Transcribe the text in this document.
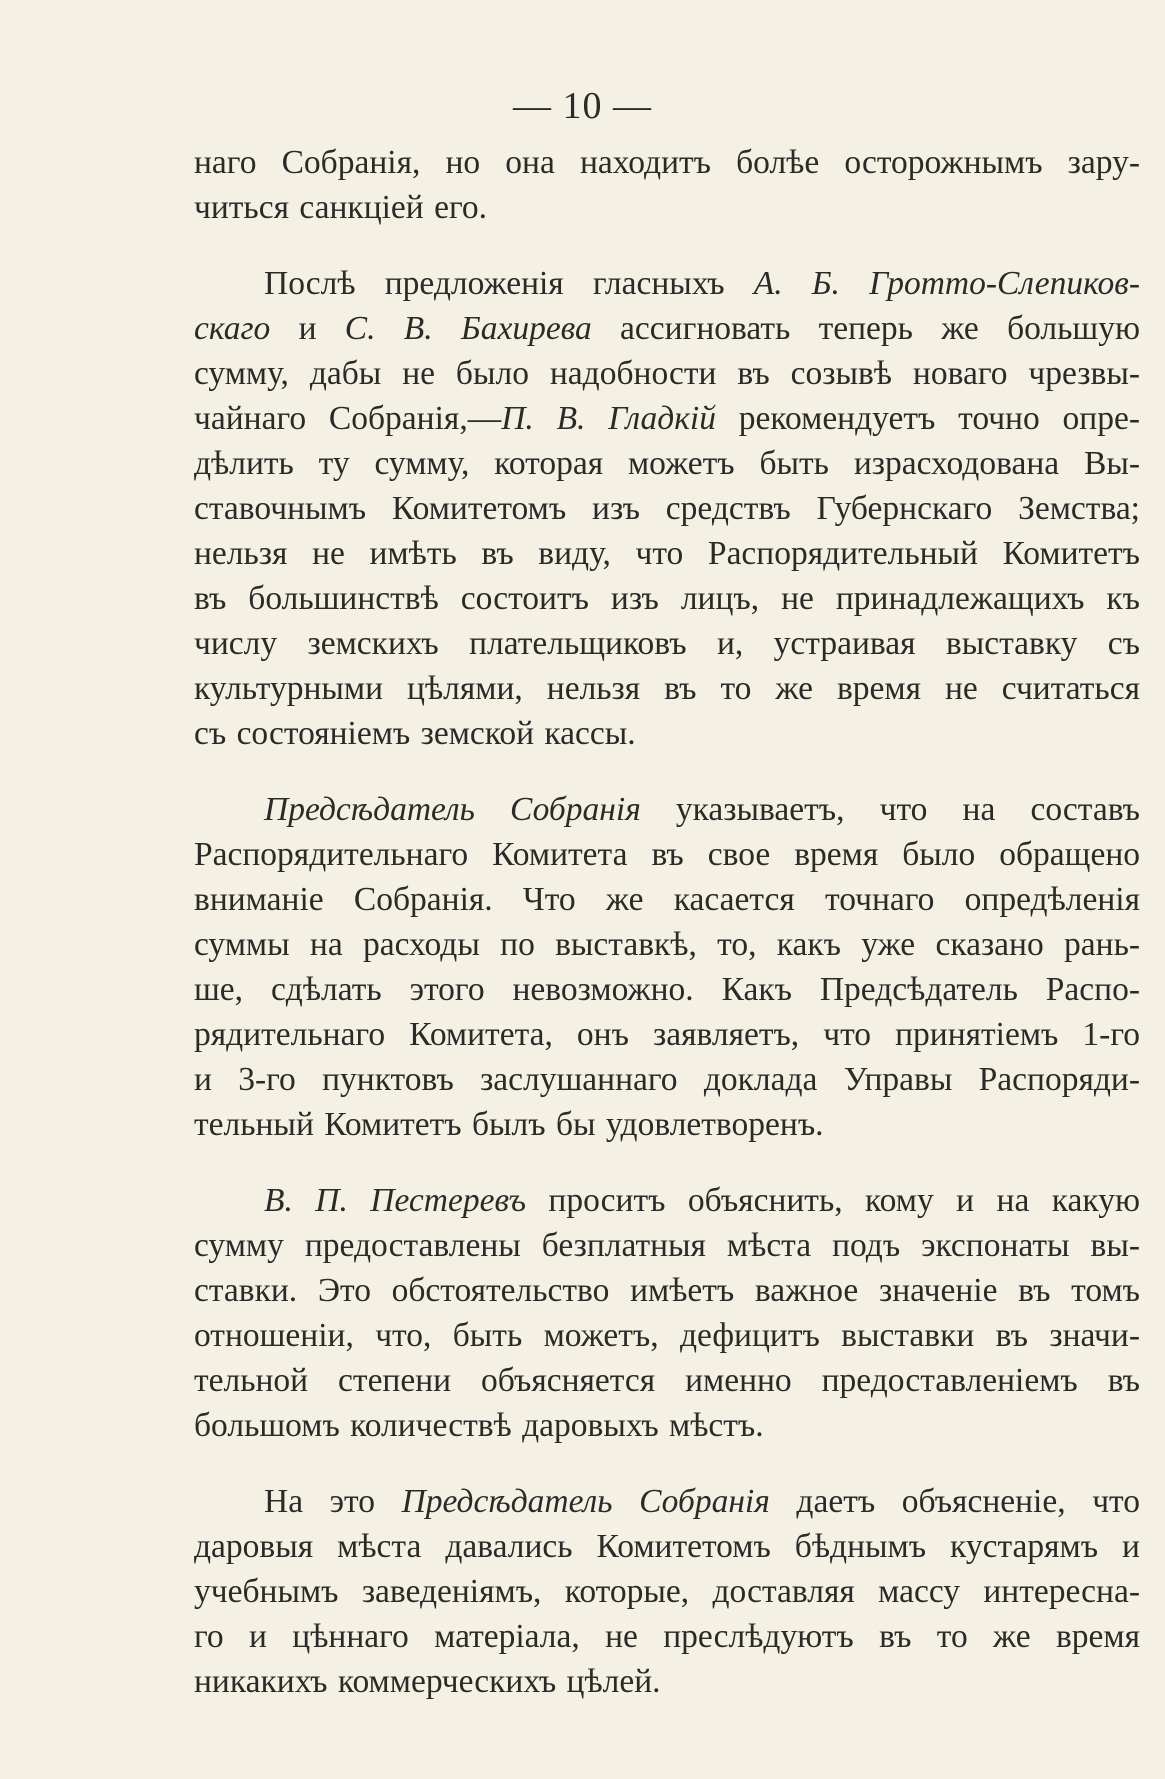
— 10 —
наго Собранія, но она находитъ болѣе осторожнымъ зару-
читься санкціей его.
Послѣ предложенія гласныхъ А. Б. Гротто-Слепиков-
скаго и С. В. Бахирева ассигновать теперь же большую
сумму, дабы не было надобности въ созывѣ новаго чрезвы-
чайнаго Собранія,—П. В. Гладкій рекомендуетъ точно опре-
дѣлить ту сумму, которая можетъ быть израсходована Вы-
ставочнымъ Комитетомъ изъ средствъ Губернскаго Земства;
нельзя не имѣть въ виду, что Распорядительный Комитетъ
въ большинствѣ состоитъ изъ лицъ, не принадлежащихъ къ
числу земскихъ плательщиковъ и, устраивая выставку съ
культурными цѣлями, нельзя въ то же время не считаться
съ состояніемъ земской кассы.
Предсѣдатель Собранія указываетъ, что на составъ
Распорядительнаго Комитета въ свое время было обращено
вниманіе Собранія. Что же касается точнаго опредѣленія
суммы на расходы по выставкѣ, то, какъ уже сказано рань-
ше, сдѣлать этого невозможно. Какъ Предсѣдатель Распо-
рядительнаго Комитета, онъ заявляетъ, что принятіемъ 1-го
и 3-го пунктовъ заслушаннаго доклада Управы Распоряди-
тельный Комитетъ былъ бы удовлетворенъ.
В. П. Пестеревъ проситъ объяснить, кому и на какую
сумму предоставлены безплатныя мѣста подъ экспонаты вы-
ставки. Это обстоятельство имѣетъ важное значеніе въ томъ
отношеніи, что, быть можетъ, дефицитъ выставки въ значи-
тельной степени объясняется именно предоставленіемъ въ
большомъ количествѣ даровыхъ мѣстъ.
На это Предсѣдатель Собранія даетъ объясненіе, что
даровыя мѣста давались Комитетомъ бѣднымъ кустарямъ и
учебнымъ заведеніямъ, которые, доставляя массу интересна-
го и цѣннаго матеріала, не преслѣдуютъ въ то же время
никакихъ коммерческихъ цѣлей.
